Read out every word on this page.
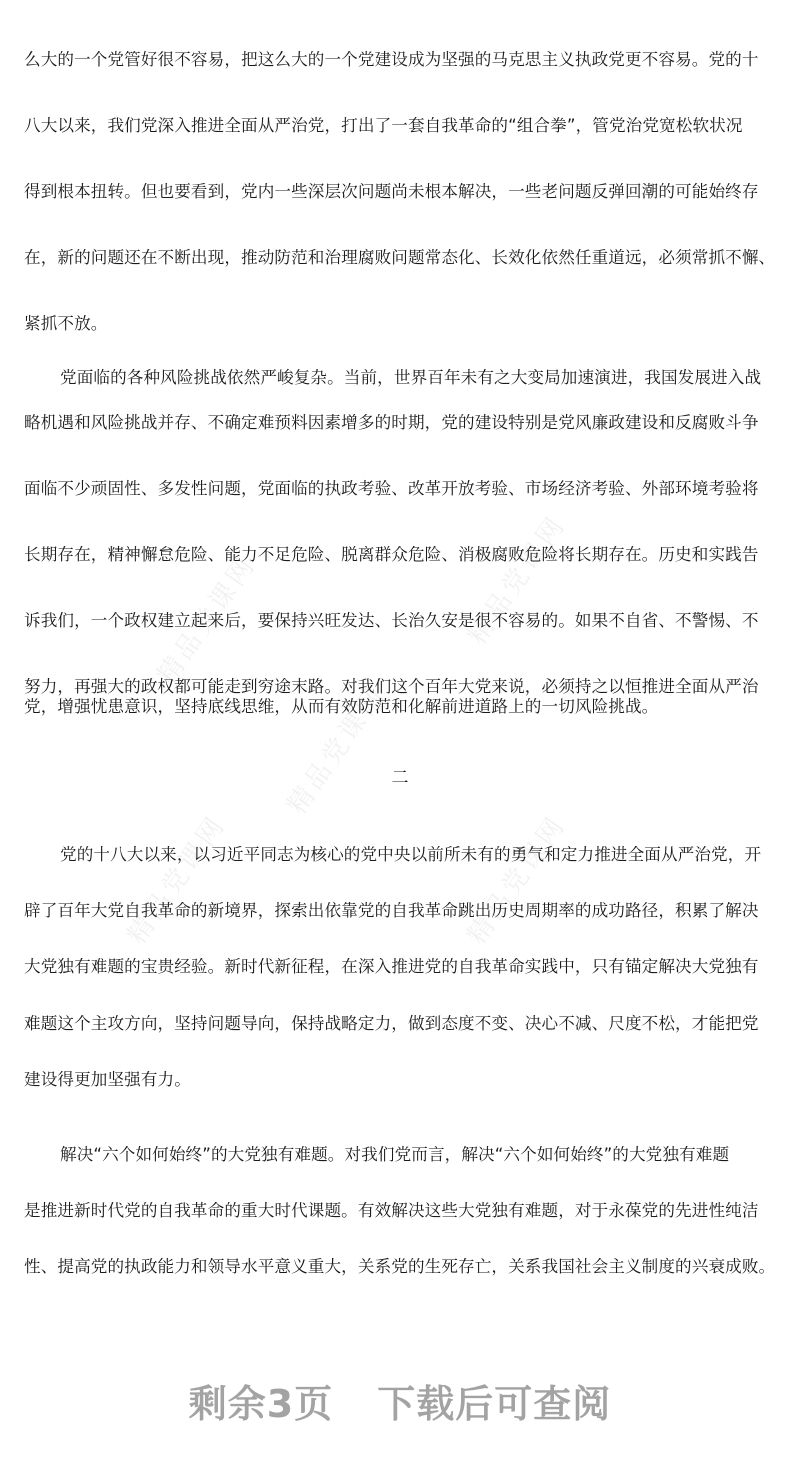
精品党课网	精品党课网
精品党课网
精品党课网	精品党课网
么大的一个党管好很不容易，把这么大的一个党建设成为坚强的马克思主义执政党更不容易。党的十
八大以来，我们党深入推进全面从严治党，打出了一套自我革命的“组合拳”，管党治党宽松软状况
得到根本扭转。但也要看到，党内一些深层次问题尚未根本解决，一些老问题反弹回潮的可能始终存
在，新的问题还在不断出现，推动防范和治理腐败问题常态化、长效化依然任重道远，必须常抓不懈、
紧抓不放。
党面临的各种风险挑战依然严峻复杂。当前，世界百年未有之大变局加速演进，我国发展进入战
略机遇和风险挑战并存、不确定难预料因素增多的时期，党的建设特别是党风廉政建设和反腐败斗争
面临不少顽固性、多发性问题，党面临的执政考验、改革开放考验、市场经济考验、外部环境考验将
长期存在，精神懈怠危险、能力不足危险、脱离群众危险、消极腐败危险将长期存在。历史和实践告
诉我们，一个政权建立起来后，要保持兴旺发达、长治久安是很不容易的。如果不自省、不警惕、不
努力，再强大的政权都可能走到穷途末路。对我们这个百年大党来说，必须持之以恒推进全面从严治
党，增强忧患意识，坚持底线思维，从而有效防范和化解前进道路上的一切风险挑战。
二
党的十八大以来，以习近平同志为核心的党中央以前所未有的勇气和定力推进全面从严治党，开
辟了百年大党自我革命的新境界，探索出依靠党的自我革命跳出历史周期率的成功路径，积累了解决
大党独有难题的宝贵经验。新时代新征程，在深入推进党的自我革命实践中，只有锚定解决大党独有
难题这个主攻方向，坚持问题导向，保持战略定力，做到态度不变、决心不减、尺度不松，才能把党
建设得更加坚强有力。
解决“六个如何始终”的大党独有难题。对我们党而言，解决“六个如何始终”的大党独有难题
是推进新时代党的自我革命的重大时代课题。有效解决这些大党独有难题，对于永葆党的先进性纯洁
性、提高党的执政能力和领导水平意义重大，关系党的生死存亡，关系我国社会主义制度的兴衰成败。
剩余3页 下载后可查阅
